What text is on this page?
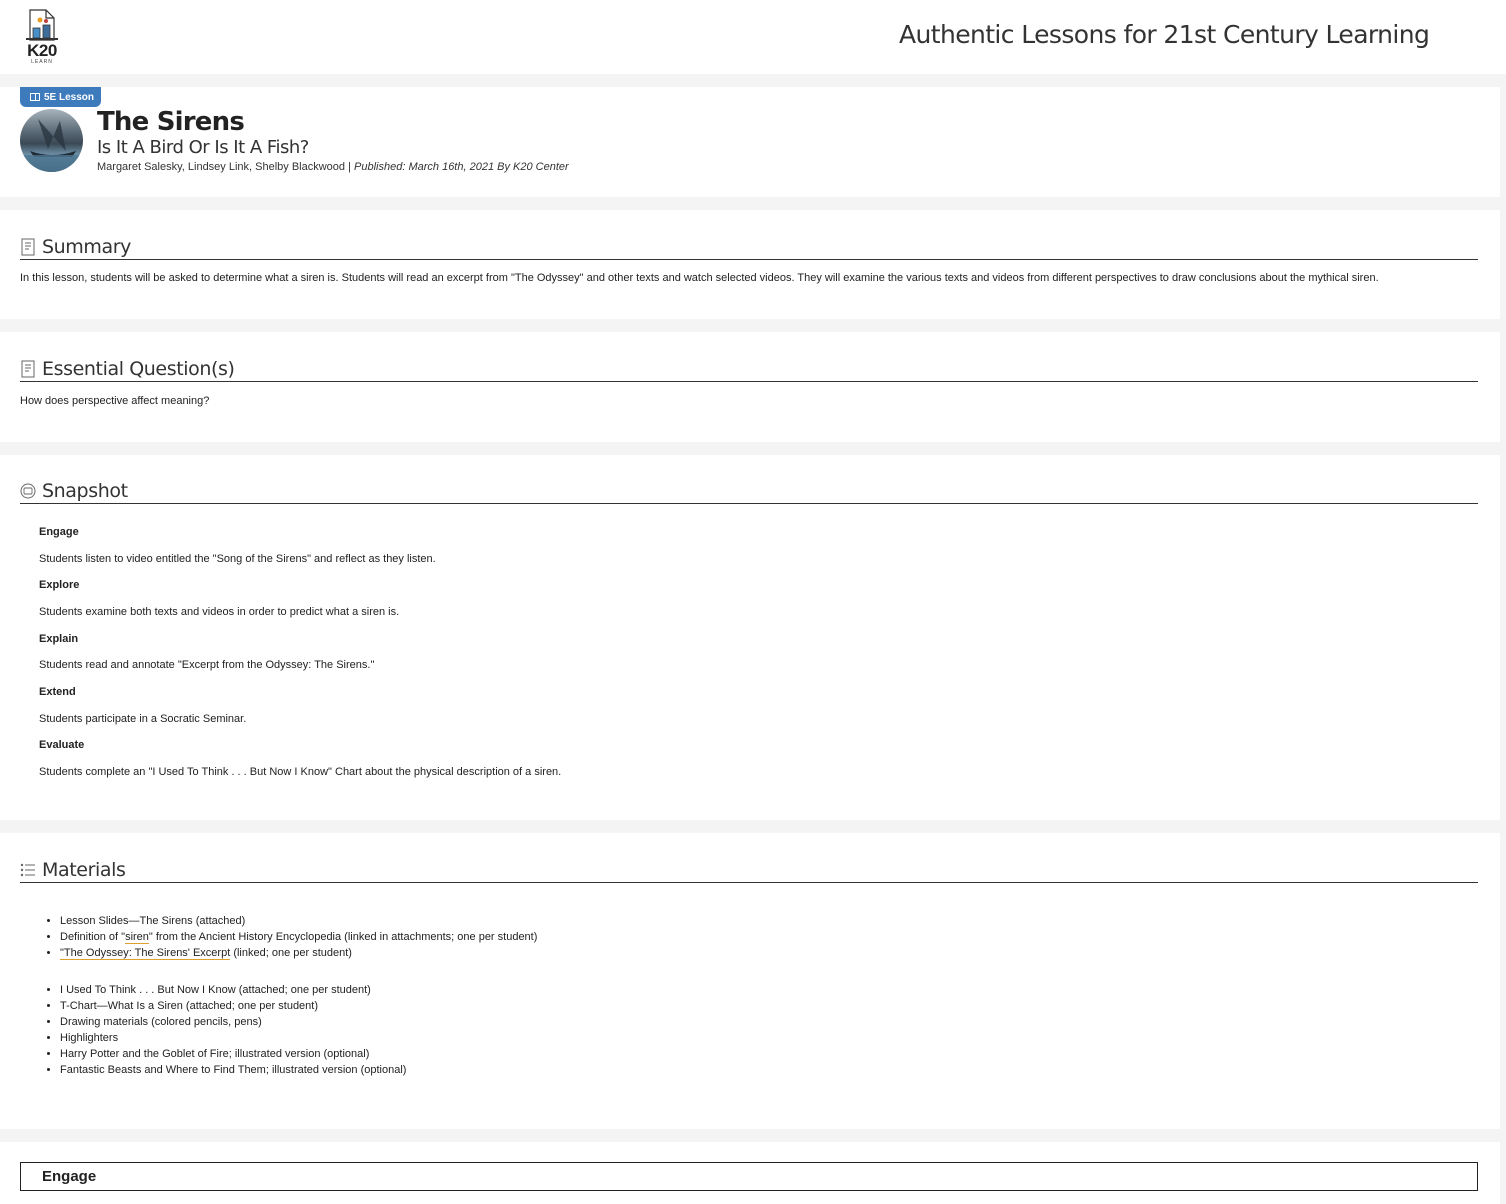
K20
LEARN
Authentic Lessons for 21st Century Learning
5E Lesson
The Sirens
Is It A Bird Or Is It A Fish?
Margaret Salesky, Lindsey Link, Shelby Blackwood | Published: March 16th, 2021 By K20 Center
Summary
In this lesson, students will be asked to determine what a siren is. Students will read an excerpt from "The Odyssey" and other texts and watch selected videos. They will examine the various texts and videos from different perspectives to draw conclusions about the mythical siren.
Essential Question(s)
How does perspective affect meaning?
Snapshot
Engage
Students listen to video entitled the "Song of the Sirens" and reflect as they listen.
Explore
Students examine both texts and videos in order to predict what a siren is.
Explain
Students read and annotate "Excerpt from the Odyssey: The Sirens."
Extend
Students participate in a Socratic Seminar.
Evaluate
Students complete an "I Used To Think . . . But Now I Know" Chart about the physical description of a siren.
Materials
• Lesson Slides—The Sirens (attached)
• Definition of "siren" from the Ancient History Encyclopedia (linked in attachments; one per student)
• "The Odyssey: The Sirens' Excerpt (linked; one per student)
• I Used To Think . . . But Now I Know (attached; one per student)
• T-Chart—What Is a Siren (attached; one per student)
• Drawing materials (colored pencils, pens)
• Highlighters
• Harry Potter and the Goblet of Fire; illustrated version (optional)
• Fantastic Beasts and Where to Find Them; illustrated version (optional)
Engage
